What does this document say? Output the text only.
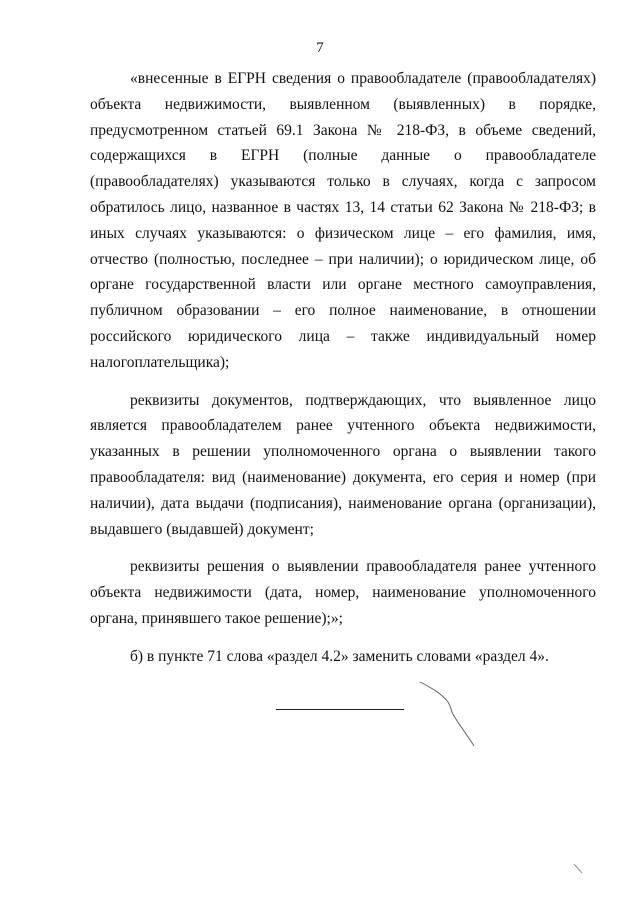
7

«внесенные в ЕГРН сведения о правообладателе (правообладателях) объекта недвижимости, выявленном (выявленных) в порядке, предусмотренном статьей 69.1 Закона № 218-ФЗ, в объеме сведений, содержащихся в ЕГРН (полные данные о правообладателе (правообладателях) указываются только в случаях, когда с запросом обратилось лицо, названное в частях 13, 14 статьи 62 Закона № 218-ФЗ; в иных случаях указываются: о физическом лице – его фамилия, имя, отчество (полностью, последнее – при наличии); о юридическом лице, об органе государственной власти или органе местного самоуправления, публичном образовании – его полное наименование, в отношении российского юридического лица – также индивидуальный номер налогоплательщика);

реквизиты документов, подтверждающих, что выявленное лицо является правообладателем ранее учтенного объекта недвижимости, указанных в решении уполномоченного органа о выявлении такого правообладателя: вид (наименование) документа, его серия и номер (при наличии), дата выдачи (подписания), наименование органа (организации), выдавшего (выдавшей) документ;

реквизиты решения о выявлении правообладателя ранее учтенного объекта недвижимости (дата, номер, наименование уполномоченного органа, принявшего такое решение);»;

б) в пункте 71 слова «раздел 4.2» заменить словами «раздел 4».
